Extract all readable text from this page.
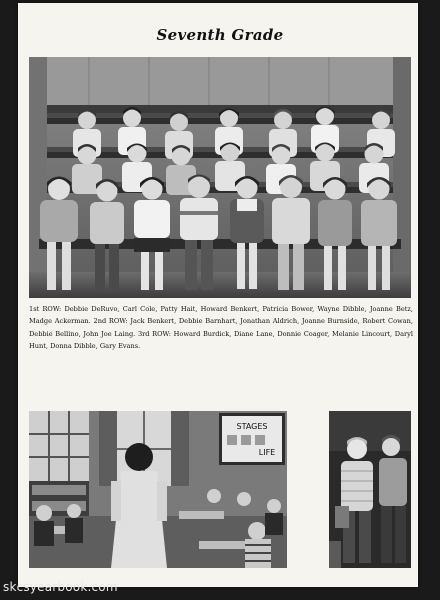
Seventh Grade
1st ROW: Debbie DeRuvo, Carl Cole, Patty Hait, Howard Benkert, Patricia Bower, Wayne Dibble, Joanne Betz, Madge Ackerman. 2nd ROW: Jack Benkert, Debbie Barnhart, Jonathan Aldrich, Joanne Burnside, Robert Cowan, Debbie Bellino, John Joe Laing. 3rd ROW: Howard Burdick, Diane Lane, Donnie Coager, Melanie Lincourt, Daryl Hunt, Donna Dibble, Gary Evans.
STAGES
LIFE
skcsyearbook.com
